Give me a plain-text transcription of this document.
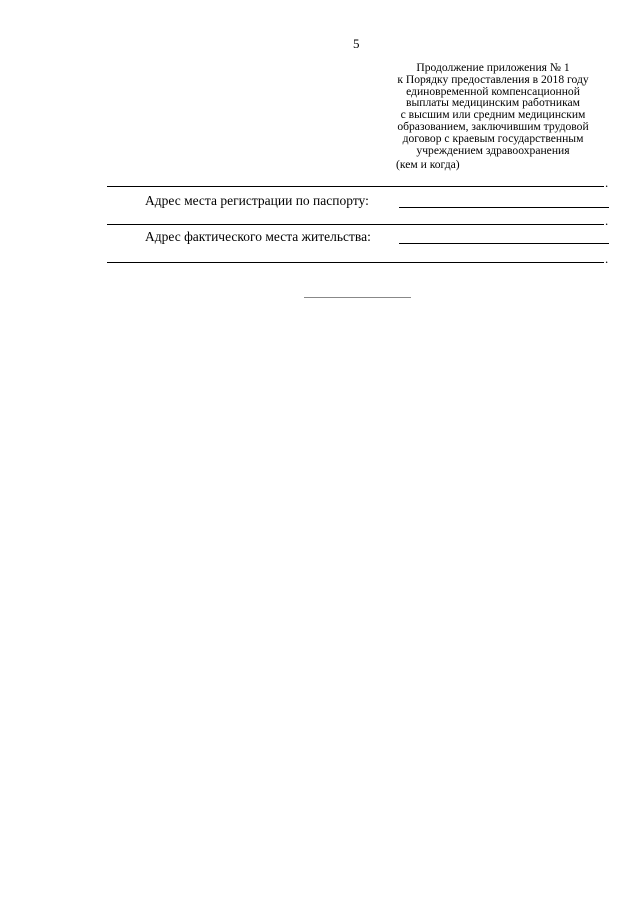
5
Продолжение приложения № 1
к Порядку предоставления в 2018 году
единовременной компенсационной
выплаты медицинским работникам
с высшим или средним медицинским
образованием, заключившим трудовой
договор с краевым государственным
учреждением здравоохранения
(кем и когда)
.
Адрес места регистрации по паспорту:
.
Адрес фактического места жительства:
.
